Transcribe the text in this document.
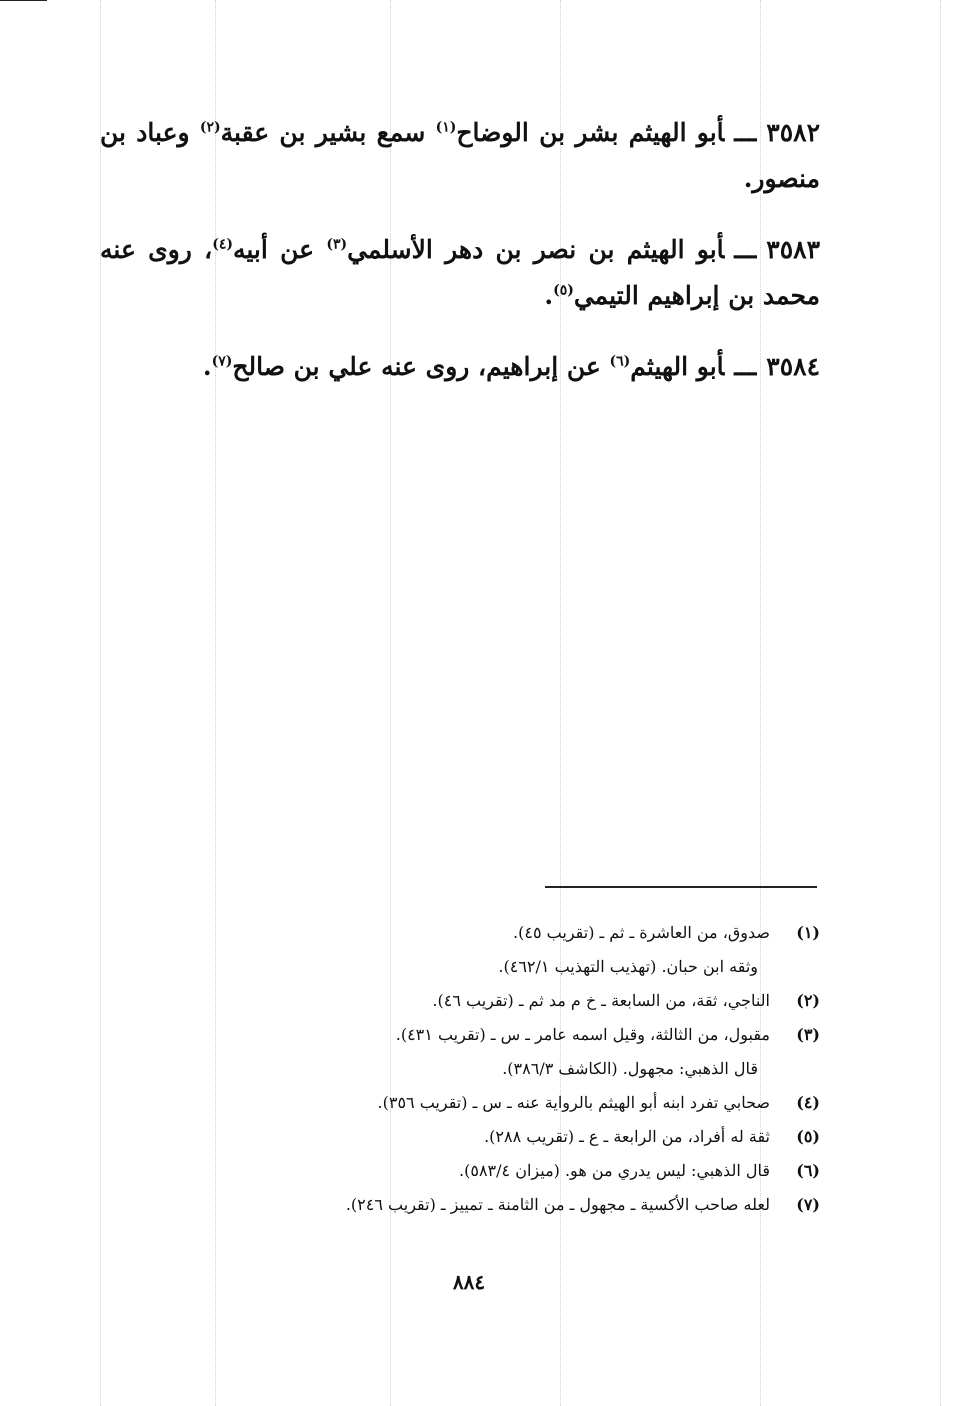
٣٥٨٢ـــأبو الهيثم بشر بن الوضاح$^{(١)}$ سمع بشير بن عقبة$^{(٢)}$ وعباد بن منصور.

٣٥٨٣ـــأبو الهيثم بن نصر بن دهر الأسلمي$^{(٣)}$ عن أبيه$^{(٤)}$، روى عنه محمد بن إبراهيم التيمي$^{(٥)}$.

٣٥٨٤ـــأبو الهيثم$^{(٦)}$ عن إبراهيم، روى عنه علي بن صالح$^{(٧)}$.

(١)
صدوق، من العاشرة ـ ثم ـ (تقريب ٤٥).
وثقه ابن حبان. (تهذيب التهذيب ٤٦٢/١).
(٢)
الناجي، ثقة، من السابعة ـ خ م مد ثم ـ (تقريب ٤٦).
(٣)
مقبول، من الثالثة، وقيل اسمه عامر ـ س ـ (تقريب ٤٣١).
قال الذهبي: مجهول. (الكاشف ٣٨٦/٣).
(٤)
صحابي تفرد ابنه أبو الهيثم بالرواية عنه ـ س ـ (تقريب ٣٥٦).
(٥)
ثقة له أفراد، من الرابعة ـ ع ـ (تقريب ٢٨٨).
(٦)
قال الذهبي: ليس يدري من هو. (ميزان ٥٨٣/٤).
(٧)
لعله صاحب الأكسية ـ مجهول ـ من الثامنة ـ تمييز ـ (تقريب ٢٤٦).
٨٨٤
